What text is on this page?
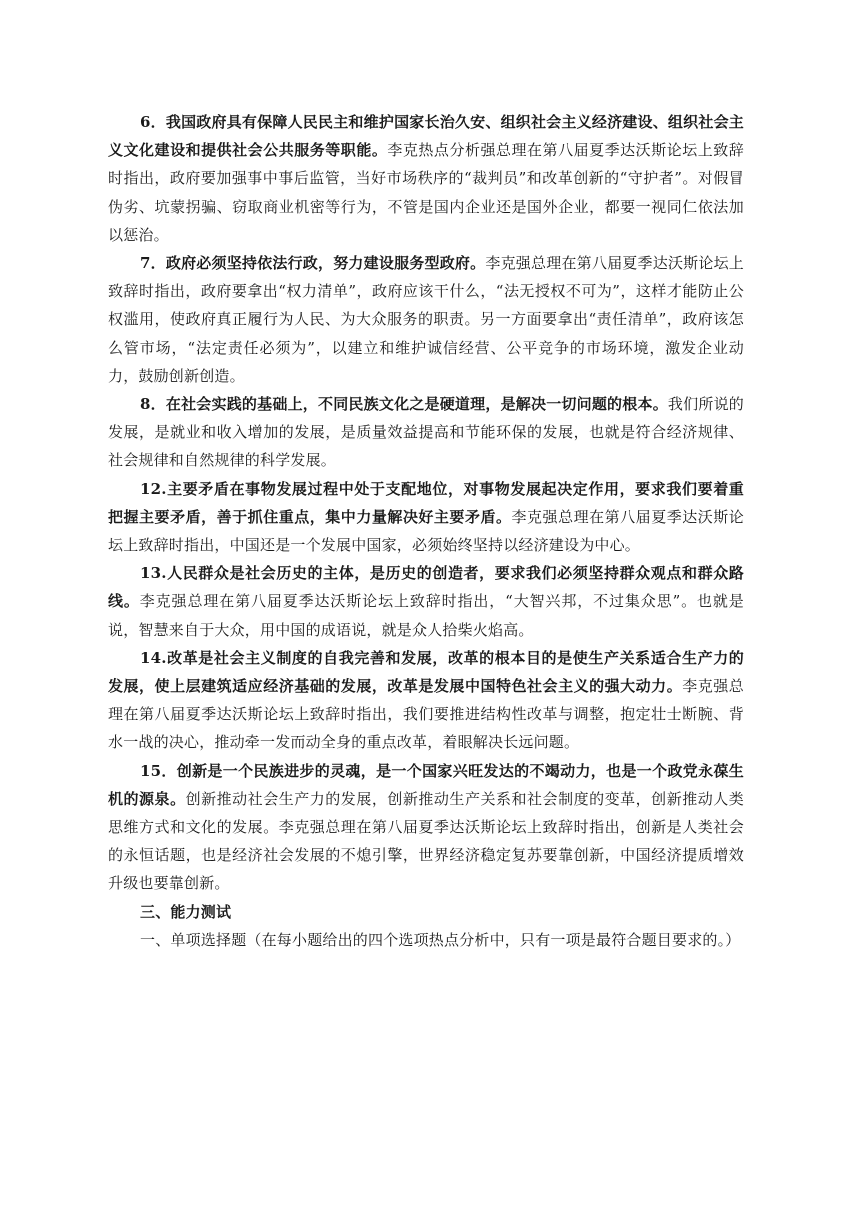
6．我国政府具有保障人民民主和维护国家长治久安、组织社会主义经济建设、组织社会主义文化建设和提供社会公共服务等职能。李克热点分析强总理在第八届夏季达沃斯论坛上致辞时指出，政府要加强事中事后监管，当好市场秩序的“裁判员”和改革创新的“守护者”。对假冒伪劣、坑蒙拐骗、窃取商业机密等行为，不管是国内企业还是国外企业，都要一视同仁依法加以惩治。

7．政府必须坚持依法行政，努力建设服务型政府。李克强总理在第八届夏季达沃斯论坛上致辞时指出，政府要拿出“权力清单”，政府应该干什么，“法无授权不可为”，这样才能防止公权滥用，使政府真正履行为人民、为大众服务的职责。另一方面要拿出“责任清单”，政府该怎么管市场，“法定责任必须为”，以建立和维护诚信经营、公平竞争的市场环境，激发企业动力，鼓励创新创造。

8．在社会实践的基础上，不同民族文化之是硬道理，是解决一切问题的根本。我们所说的发展，是就业和收入增加的发展，是质量效益提高和节能环保的发展，也就是符合经济规律、社会规律和自然规律的科学发展。

12.主要矛盾在事物发展过程中处于支配地位，对事物发展起决定作用，要求我们要着重把握主要矛盾，善于抓住重点，集中力量解决好主要矛盾。李克强总理在第八届夏季达沃斯论坛上致辞时指出，中国还是一个发展中国家，必须始终坚持以经济建设为中心。

13.人民群众是社会历史的主体，是历史的创造者，要求我们必须坚持群众观点和群众路线。李克强总理在第八届夏季达沃斯论坛上致辞时指出，“大智兴邦，不过集众思”。也就是说，智慧来自于大众，用中国的成语说，就是众人拾柴火焰高。

14.改革是社会主义制度的自我完善和发展，改革的根本目的是使生产关系适合生产力的发展，使上层建筑适应经济基础的发展，改革是发展中国特色社会主义的强大动力。李克强总理在第八届夏季达沃斯论坛上致辞时指出，我们要推进结构性改革与调整，抱定壮士断腕、背水一战的决心，推动牵一发而动全身的重点改革，着眼解决长远问题。

15．创新是一个民族进步的灵魂，是一个国家兴旺发达的不竭动力，也是一个政党永葆生机的源泉。创新推动社会生产力的发展，创新推动生产关系和社会制度的变革，创新推动人类思维方式和文化的发展。李克强总理在第八届夏季达沃斯论坛上致辞时指出，创新是人类社会的永恒话题，也是经济社会发展的不熄引擎，世界经济稳定复苏要靠创新，中国经济提质增效升级也要靠创新。

三、能力测试

一、单项选择题（在每小题给出的四个选项热点分析中，只有一项是最符合题目要求的。）
